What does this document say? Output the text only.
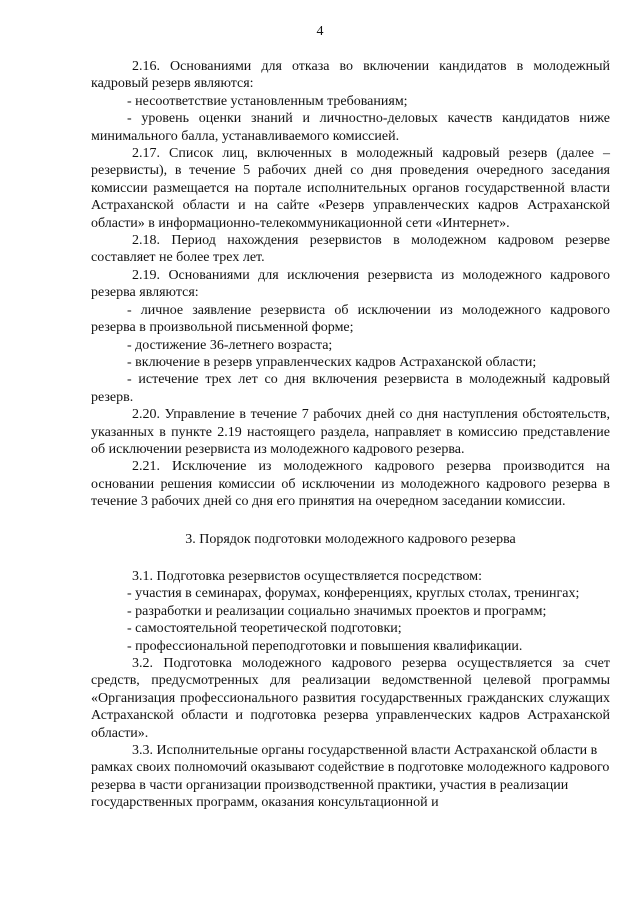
4

2.16. Основаниями для отказа во включении кандидатов в молодежный кадровый резерв являются:

- несоответствие установленным требованиям;

- уровень оценки знаний и личностно-деловых качеств кандидатов ниже минимального балла, устанавливаемого комиссией.

2.17. Список лиц, включенных в молодежный кадровый резерв (далее – резервисты), в течение 5 рабочих дней со дня проведения очередного заседания комиссии размещается на портале исполнительных органов государственной власти Астраханской области и на сайте «Резерв управленческих кадров Астраханской области» в информационно-телекоммуникационной сети «Интернет».

2.18. Период нахождения резервистов в молодежном кадровом резерве составляет не более трех лет.

2.19. Основаниями для исключения резервиста из молодежного кадрового резерва являются:

- личное заявление резервиста об исключении из молодежного кадрового резерва в произвольной письменной форме;

- достижение 36-летнего возраста;

- включение в резерв управленческих кадров Астраханской области;

- истечение трех лет со дня включения резервиста в молодежный кадровый резерв.

2.20. Управление в течение 7 рабочих дней со дня наступления обстоятельств, указанных в пункте 2.19 настоящего раздела, направляет в комиссию представление об исключении резервиста из молодежного кадрового резерва.

2.21. Исключение из молодежного кадрового резерва производится на основании решения комиссии об исключении из молодежного кадрового резерва в течение 3 рабочих дней со дня его принятия на очередном заседании комиссии.

3. Порядок подготовки молодежного кадрового резерва

3.1. Подготовка резервистов осуществляется посредством:

- участия в семинарах, форумах, конференциях, круглых столах, тренингах;

- разработки и реализации социально значимых проектов и программ;

- самостоятельной теоретической подготовки;

- профессиональной переподготовки и повышения квалификации.

3.2. Подготовка молодежного кадрового резерва осуществляется за счет средств, предусмотренных для реализации ведомственной целевой программы «Организация профессионального развития государственных гражданских служащих Астраханской области и подготовка резерва управленческих кадров Астраханской области».

3.3. Исполнительные органы государственной власти Астраханской области в рамках своих полномочий оказывают содействие в подготовке молодежного кадрового резерва в части организации производственной практики, участия в реализации государственных программ, оказания консультационной и
